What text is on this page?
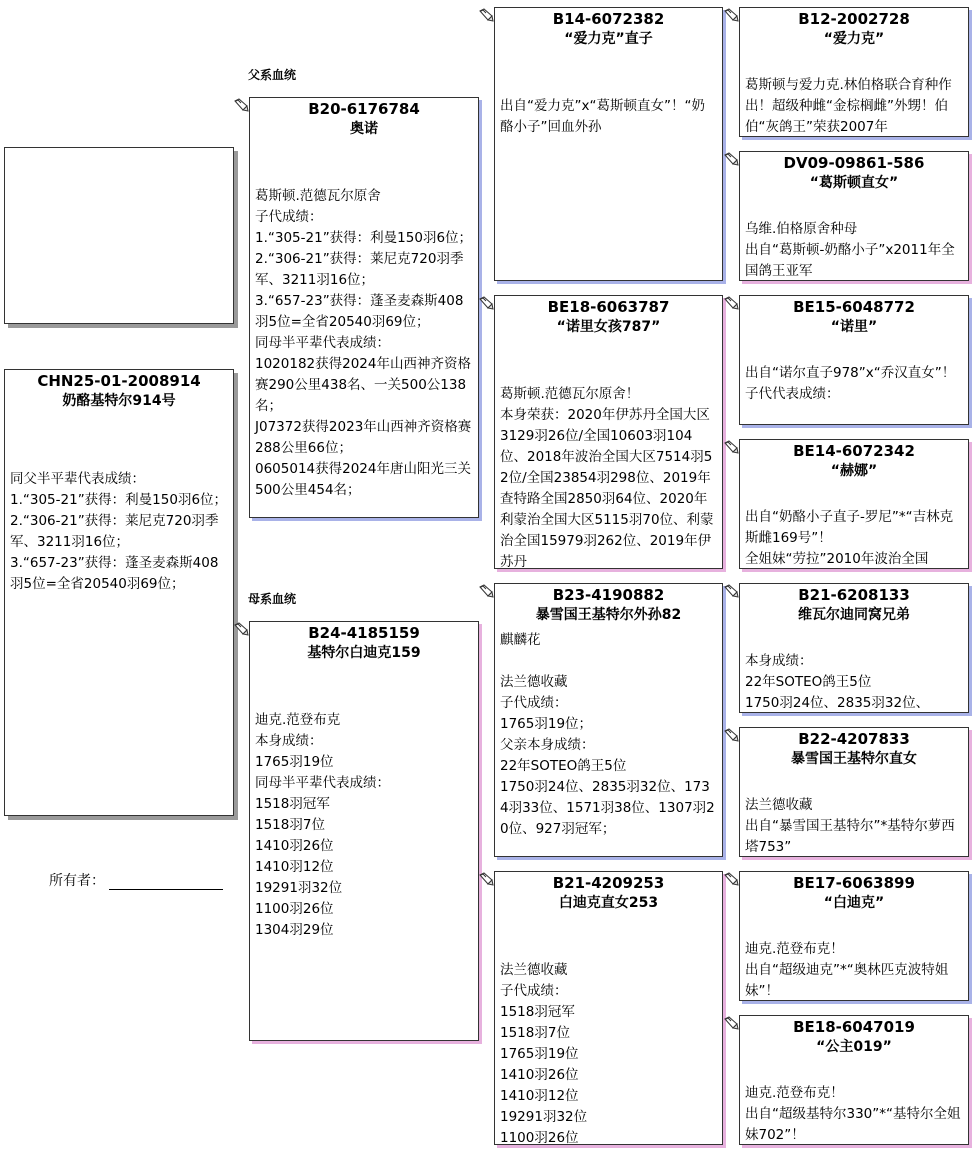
CHN25-01-2008914
奶酪基特尔914号
同父半平辈代表成绩：
1.“305-21”获得：利曼150羽6位；
2.“306-21”获得：莱尼克720羽季军、3211羽16位；
3.“657-23”获得：蓬圣麦森斯408羽5位=全省20540羽69位；
所有者：
父系血统
母系血统
B20-6176784
奥诺
葛斯顿.范德瓦尔原舍
子代成绩：
1.“305-21”获得：利曼150羽6位；
2.“306-21”获得：莱尼克720羽季军、3211羽16位；
3.“657-23”获得：蓬圣麦森斯408羽5位=全省20540羽69位；
同母半平辈代表成绩：
1020182获得2024年山西神齐资格赛290公里438名、一关500公138名；
J07372获得2023年山西神齐资格赛288公里66位；
0605014获得2024年唐山阳光三关500公里454名；
B24-4185159
基特尔白迪克159
迪克.范登布克
本身成绩：
1765羽19位
同母半平辈代表成绩：
1518羽冠军
1518羽7位
1410羽26位
1410羽12位
19291羽32位
1100羽26位
1304羽29位
B14-6072382
“爱力克”直子
出自“爱力克”x“葛斯顿直女”！“奶酪小子”回血外孙
BE18-6063787
“诺里女孩787”
葛斯顿.范德瓦尔原舍！
本身荣获：2020年伊苏丹全国大区3129羽26位/全国10603羽104位、2018年波治全国大区7514羽52位/全国23854羽298位、2019年查特路全国2850羽64位、2020年利蒙治全国大区5115羽70位、利蒙治全国15979羽262位、2019年伊苏丹
B23-4190882
暴雪国王基特尔外孙82
麒麟花

法兰德收藏
子代成绩：
1765羽19位；
父亲本身成绩：
22年SOTEO鸽王5位
1750羽24位、2835羽32位、1734羽33位、1571羽38位、1307羽20位、927羽冠军；
B21-4209253
白迪克直女253
法兰德收藏
子代成绩：
1518羽冠军
1518羽7位
1765羽19位
1410羽26位
1410羽12位
19291羽32位
1100羽26位
B12-2002728
“爱力克”
葛斯顿与爱力克.林伯格联合育种作出！超级种雌“金棕榈雌”外甥！伯伯“灰鸽王”荣获2007年
DV09-09861-586
“葛斯顿直女”
乌维.伯格原舍种母
出自“葛斯顿-奶酪小子”x2011年全国鸽王亚军
BE15-6048772
“诺里”
出自“诺尔直子978”x“乔汉直女”！
子代代表成绩：
BE14-6072342
“赫娜”
出自“奶酪小子直子-罗尼”*“吉林克斯雌169号”！
全姐妹“劳拉”2010年波治全国
B21-6208133
维瓦尔迪同窝兄弟
本身成绩：
22年SOTEO鸽王5位
1750羽24位、2835羽32位、
B22-4207833
暴雪国王基特尔直女
法兰德收藏
出自“暴雪国王基特尔”*基特尔萝西塔753”
BE17-6063899
“白迪克”
迪克.范登布克！
出自“超级迪克”*“奥林匹克波特姐妹”！
BE18-6047019
“公主019”
迪克.范登布克！
出自“超级基特尔330”*“基特尔全姐妹702”！
